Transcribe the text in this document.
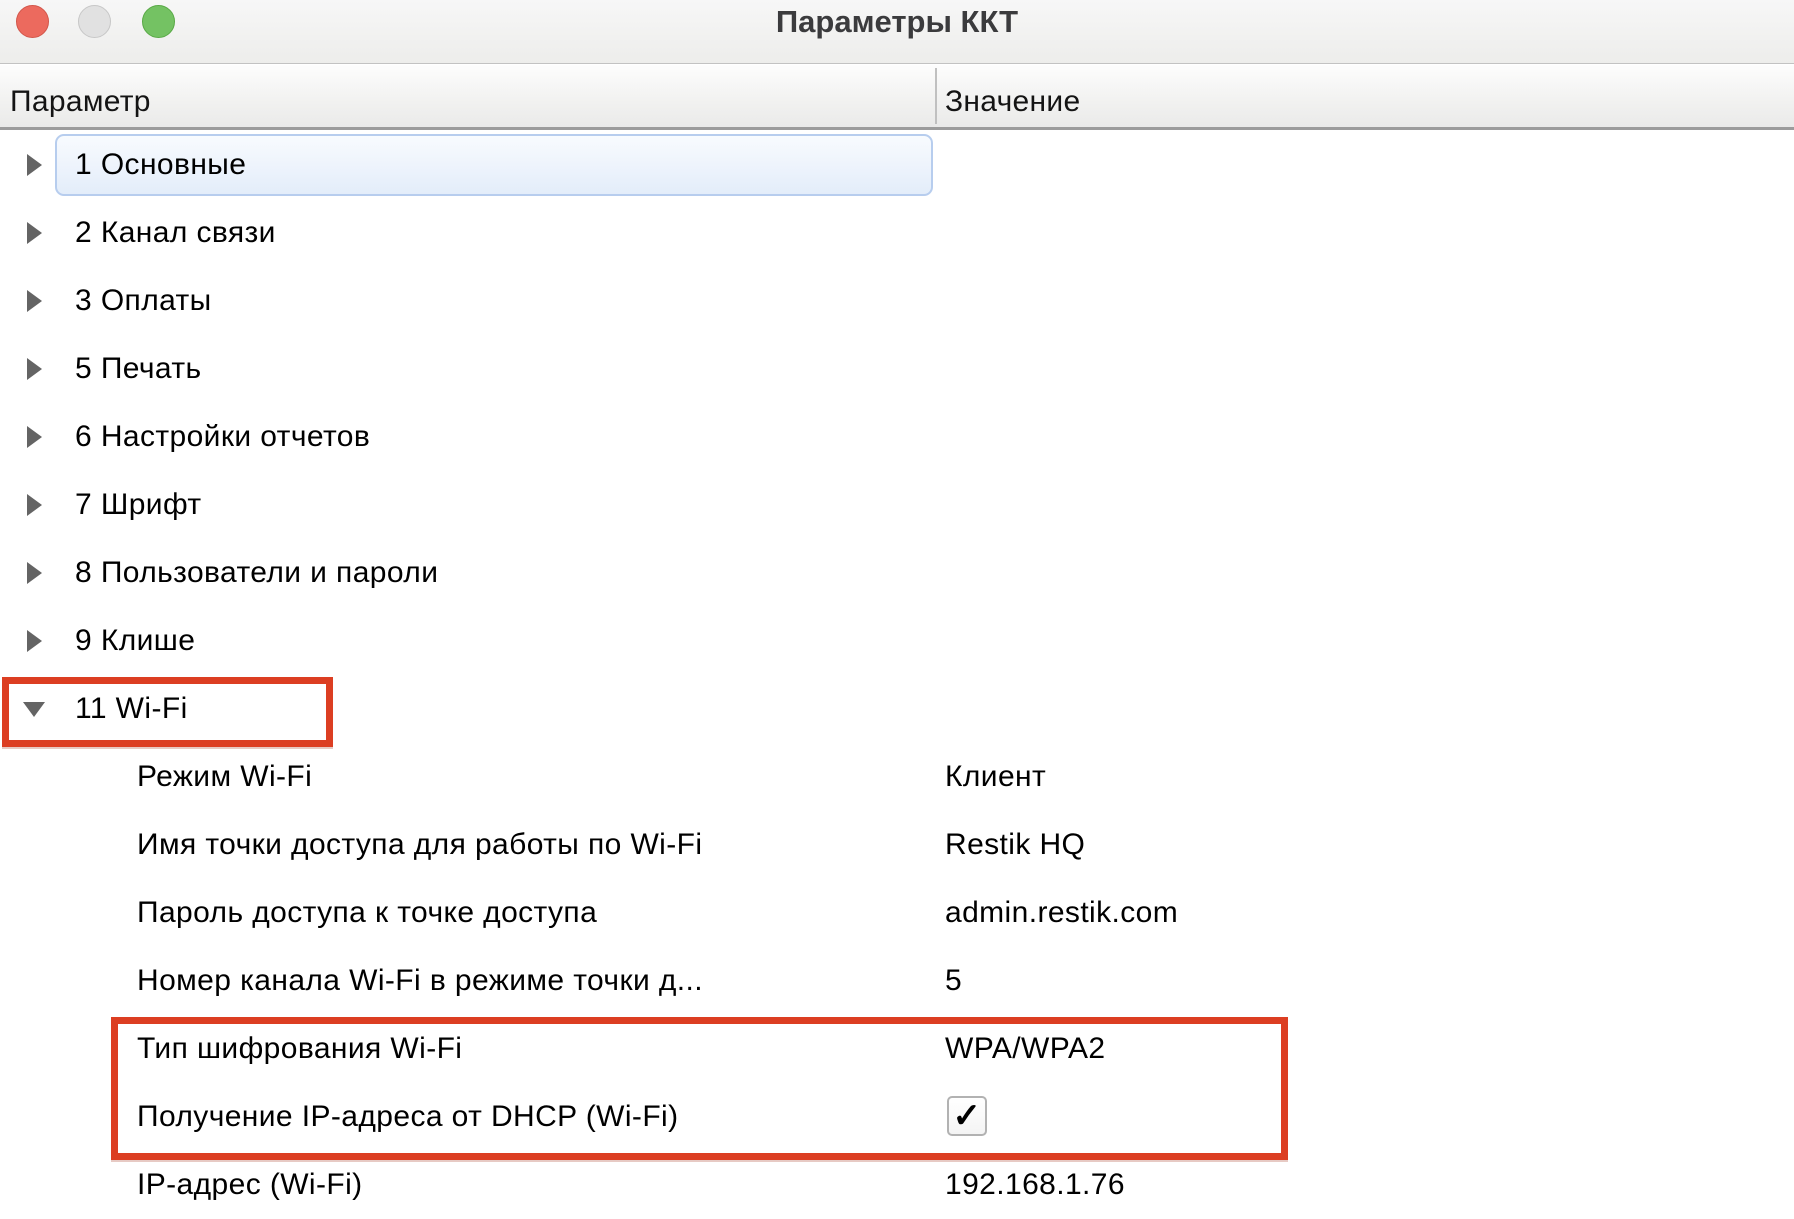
Параметры ККТ
Параметр	Значение
1 Основные
2 Канал связи
3 Оплаты
5 Печать
6 Настройки отчетов
7 Шрифт
8 Пользователи и пароли
9 Клише
11 Wi-Fi
Режим Wi-Fi	Клиент
Имя точки доступа для работы по Wi-Fi	Restik HQ
Пароль доступа к точке доступа	admin.restik.com
Номер канала Wi-Fi в режиме точки д...	5
Тип шифрования Wi-Fi	WPA/WPA2
Получение IP-адреса от DHCP (Wi-Fi)	✓
IP-адрес (Wi-Fi)	192.168.1.76
